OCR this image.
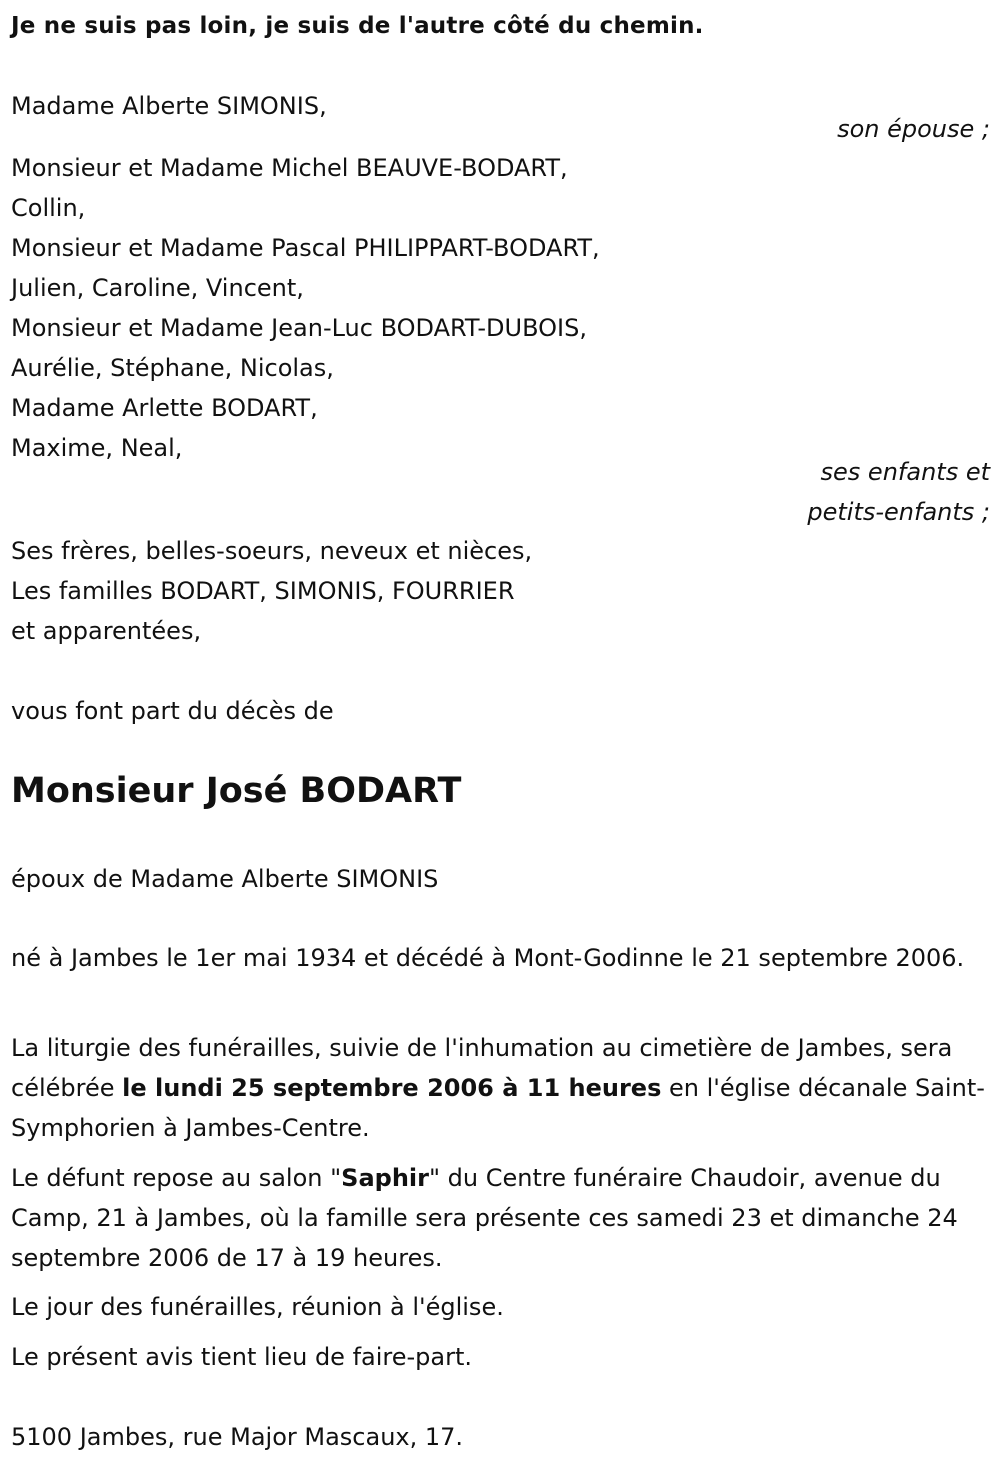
Je ne suis pas loin, je suis de l'autre côté du chemin.
Madame Alberte SIMONIS,
son épouse ;
Monsieur et Madame Michel BEAUVE-BODART,
Collin,
Monsieur et Madame Pascal PHILIPPART-BODART,
Julien, Caroline, Vincent,
Monsieur et Madame Jean-Luc BODART-DUBOIS,
Aurélie, Stéphane, Nicolas,
Madame Arlette BODART,
Maxime, Neal,
ses enfants et
petits-enfants ;
Ses frères, belles-soeurs, neveux et nièces,
Les familles BODART, SIMONIS, FOURRIER
et apparentées,
vous font part du décès de
Monsieur José BODART
époux de Madame Alberte SIMONIS
né à Jambes le 1er mai 1934 et décédé à Mont-Godinne le 21 septembre 2006.
La liturgie des funérailles, suivie de l'inhumation au cimetière de Jambes, sera célébrée le lundi 25 septembre 2006 à 11 heures en l'église décanale Saint-Symphorien à Jambes-Centre.
Le défunt repose au salon "Saphir" du Centre funéraire Chaudoir, avenue du Camp, 21 à Jambes, où la famille sera présente ces samedi 23 et dimanche 24 septembre 2006 de 17 à 19 heures.
Le jour des funérailles, réunion à l'église.
Le présent avis tient lieu de faire-part.
5100 Jambes, rue Major Mascaux, 17.
